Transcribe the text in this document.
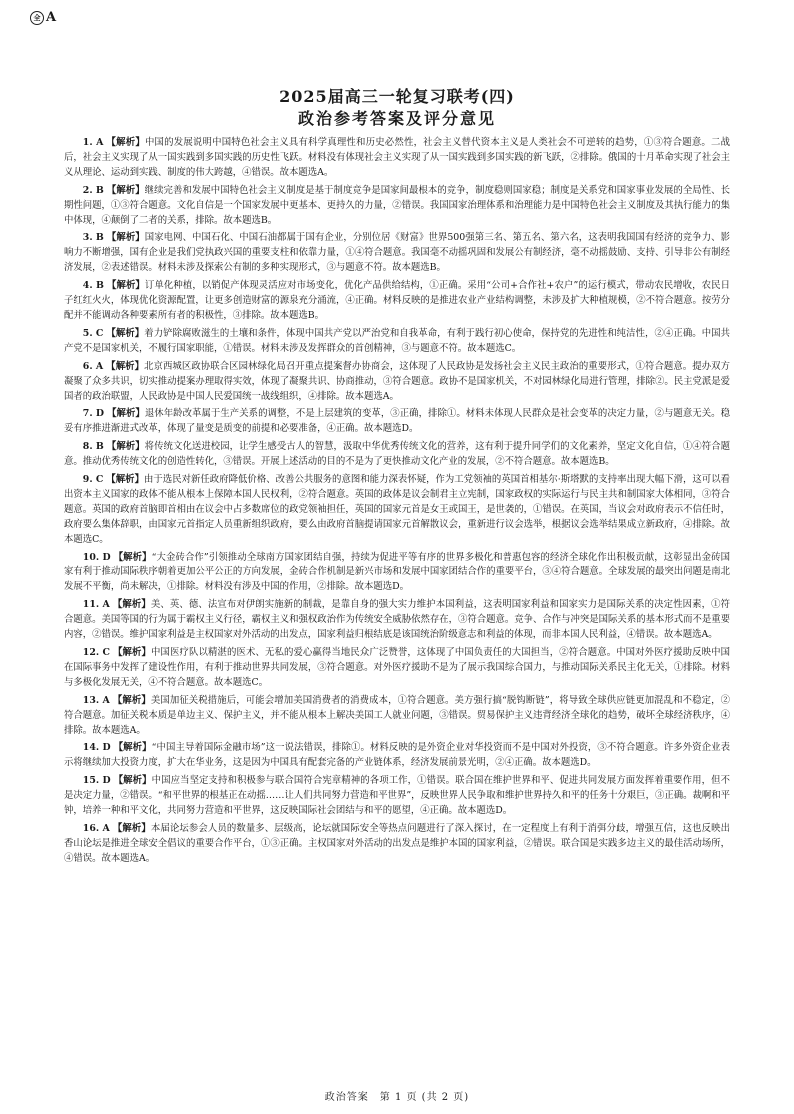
全 A
2025届高三一轮复习联考(四)
政治参考答案及评分意见

1. A 【解析】中国的发展说明中国特色社会主义具有科学真理性和历史必然性，社会主义替代资本主义是人类社会不可逆转的趋势，①③符合题意。二战后，社会主义实现了从一国实践到多国实践的历史性飞跃。材料没有体现社会主义实现了从一国实践到多国实践的新飞跃，②排除。俄国的十月革命实现了社会主义从理论、运动到实践、制度的伟大跨越，④错误。故本题选A。

2. B 【解析】继续完善和发展中国特色社会主义制度是基于制度竞争是国家间最根本的竞争，制度稳则国家稳；制度是关系党和国家事业发展的全局性、长期性问题，①③符合题意。文化自信是一个国家发展中更基本、更持久的力量，②错误。我国国家治理体系和治理能力是中国特色社会主义制度及其执行能力的集中体现，④颠倒了二者的关系，排除。故本题选B。

3. B 【解析】国家电网、中国石化、中国石油都属于国有企业，分别位居《财富》世界500强第三名、第五名、第六名，这表明我国国有经济的竞争力、影响力不断增强，国有企业是我们党执政兴国的重要支柱和依靠力量，①④符合题意。我国毫不动摇巩固和发展公有制经济，毫不动摇鼓励、支持、引导非公有制经济发展，②表述错误。材料未涉及探索公有制的多种实现形式，③与题意不符。故本题选B。

4. B 【解析】订单化种植，以销促产体现灵活应对市场变化，优化产品供给结构，①正确。采用“公司+合作社+农户”的运行模式，带动农民增收，农民日子红红火火，体现优化资源配置，让更多创造财富的源泉充分涌流，④正确。材料反映的是推进农业产业结构调整，未涉及扩大种植规模，②不符合题意。按劳分配并不能调动各种要素所有者的积极性，③排除。故本题选B。

5. C 【解析】着力铲除腐败滋生的土壤和条件，体现中国共产党以严治党和自我革命，有利于践行初心使命，保持党的先进性和纯洁性，②④正确。中国共产党不是国家机关，不履行国家职能，①错误。材料未涉及发挥群众的首创精神，③与题意不符。故本题选C。

6. A 【解析】北京西城区政协联合区园林绿化局召开重点提案督办协商会，这体现了人民政协是发扬社会主义民主政治的重要形式，①符合题意。提办双方凝聚了众多共识，切实推动提案办理取得实效，体现了凝聚共识、协商推动，③符合题意。政协不是国家机关，不对园林绿化局进行管理，排除②。民主党派是爱国者的政治联盟，人民政协是中国人民爱国统一战线组织，④排除。故本题选A。

7. D 【解析】退休年龄改革属于生产关系的调整，不是上层建筑的变革，③正确，排除①。材料未体现人民群众是社会变革的决定力量，②与题意无关。稳妥有序推进渐进式改革，体现了量变是质变的前提和必要准备，④正确。故本题选D。

8. B 【解析】将传统文化送进校园，让学生感受古人的智慧，汲取中华优秀传统文化的营养，这有利于提升同学们的文化素养，坚定文化自信，①④符合题意。推动优秀传统文化的创造性转化，③错误。开展上述活动的目的不是为了更快推动文化产业的发展，②不符合题意。故本题选B。

9. C 【解析】由于选民对新任政府降低价格、改善公共服务的意图和能力深表怀疑，作为工党领袖的英国首相基尔·斯塔默的支持率出现大幅下滑，这可以看出资本主义国家的政体不能从根本上保障本国人民权利，②符合题意。英国的政体是议会制君主立宪制，国家政权的实际运行与民主共和制国家大体相同，③符合题意。英国的政府首脑即首相由在议会中占多数席位的政党领袖担任，英国的国家元首是女王或国王，是世袭的，①错误。在英国，当议会对政府表示不信任时，政府要么集体辞职，由国家元首指定人员重新组织政府，要么由政府首脑提请国家元首解散议会，重新进行议会选举，根据议会选举结果成立新政府，④排除。故本题选C。

10. D 【解析】“大金砖合作”引领推动全球南方国家团结自强，持续为促进平等有序的世界多极化和普惠包容的经济全球化作出积极贡献，这彰显出金砖国家有利于推动国际秩序朝着更加公平公正的方向发展，金砖合作机制是新兴市场和发展中国家团结合作的重要平台，③④符合题意。全球发展的最突出问题是南北发展不平衡，尚未解决，①排除。材料没有涉及中国的作用，②排除。故本题选D。

11. A 【解析】美、英、德、法宣布对伊朗实施新的制裁，是靠自身的强大实力维护本国利益，这表明国家利益和国家实力是国际关系的决定性因素，①符合题意。美国等国的行为属于霸权主义行径，霸权主义和强权政治作为传统安全威胁依然存在，③符合题意。竞争、合作与冲突是国际关系的基本形式而不是重要内容，②错误。维护国家利益是主权国家对外活动的出发点，国家利益归根结底是该国统治阶级意志和利益的体现，而非本国人民利益，④错误。故本题选A。

12. C 【解析】中国医疗队以精湛的医术、无私的爱心赢得当地民众广泛赞誉，这体现了中国负责任的大国担当，②符合题意。中国对外医疗援助反映中国在国际事务中发挥了建设性作用，有利于推动世界共同发展，③符合题意。对外医疗援助不是为了展示我国综合国力，与推动国际关系民主化无关，①排除。材料与多极化发展无关，④不符合题意。故本题选C。

13. A 【解析】美国加征关税措施后，可能会增加美国消费者的消费成本，①符合题意。美方强行搞“脱钩断链”，将导致全球供应链更加混乱和不稳定，②符合题意。加征关税本质是单边主义、保护主义，并不能从根本上解决美国工人就业问题，③错误。贸易保护主义违背经济全球化的趋势，破坏全球经济秩序，④排除。故本题选A。

14. D 【解析】“中国主导着国际金融市场”这一说法错误，排除①。材料反映的是外资企业对华投资而不是中国对外投资，③不符合题意。许多外资企业表示将继续加大投资力度，扩大在华业务，这是因为中国具有配套完备的产业链体系，经济发展前景光明，②④正确。故本题选D。

15. D 【解析】中国应当坚定支持和积极参与联合国符合宪章精神的各项工作，①错误。联合国在维护世界和平、促进共同发展方面发挥着重要作用，但不是决定力量，②错误。“和平世界的根基正在动摇……让人们共同努力营造和平世界”，反映世界人民争取和维护世界持久和平的任务十分艰巨，③正确。裁啊和平钟，培养一种和平文化，共同努力营造和平世界，这反映国际社会团结与和平的愿望，④正确。故本题选D。

16. A 【解析】本届论坛参会人员的数量多、层级高，论坛就国际安全等热点问题进行了深入探讨，在一定程度上有利于消弭分歧，增强互信，这也反映出香山论坛是推进全球安全倡议的重要合作平台，①③正确。主权国家对外活动的出发点是维护本国的国家利益，②错误。联合国是实践多边主义的最佳活动场所，④错误。故本题选A。

政治答案　第 1 页 (共 2 页)
